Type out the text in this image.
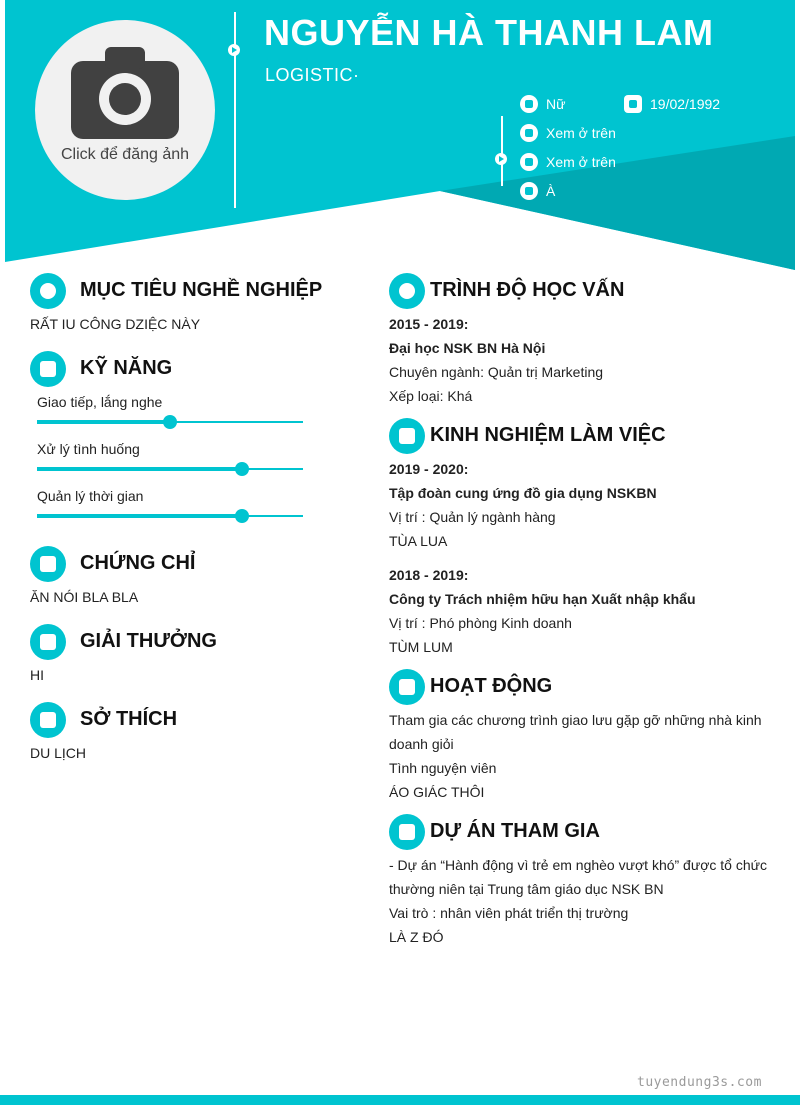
Click để đăng ảnh
NGUYỄN HÀ THANH LAM
LOGISTIC·
Nữ	19/02/1992
Xem ở trên
Xem ở trên
À
MỤC TIÊU NGHỀ NGHIỆP
RẤT IU CÔNG DZIỆC NÀY
KỸ NĂNG
Giao tiếp, lắng nghe
Xử lý tình huống
Quản lý thời gian
CHỨNG CHỈ
ĂN NÓI BLA BLA
GIẢI THƯỞNG
HI
SỞ THÍCH
DU LỊCH
TRÌNH ĐỘ HỌC VẤN
2015 - 2019:
Đại học NSK BN Hà Nội
Chuyên ngành: Quản trị Marketing
Xếp loại: Khá
KINH NGHIỆM LÀM VIỆC
2019 - 2020:
Tập đoàn cung ứng đồ gia dụng NSKBN
Vị trí : Quản lý ngành hàng
TÙA LUA
2018 - 2019:
Công ty Trách nhiệm hữu hạn Xuất nhập khẩu
Vị trí : Phó phòng Kinh doanh
TÙM LUM
HOẠT ĐỘNG
Tham gia các chương trình giao lưu gặp gỡ những nhà kinh doanh giỏi
Tình nguyện viên
ÁO GIÁC THÔI
DỰ ÁN THAM GIA
- Dự án “Hành động vì trẻ em nghèo vượt khó” được tổ chức thường niên tại Trung tâm giáo dục NSK BN
Vai trò : nhân viên phát triển thị trường
LÀ Z ĐÓ
tuyendung3s.com
